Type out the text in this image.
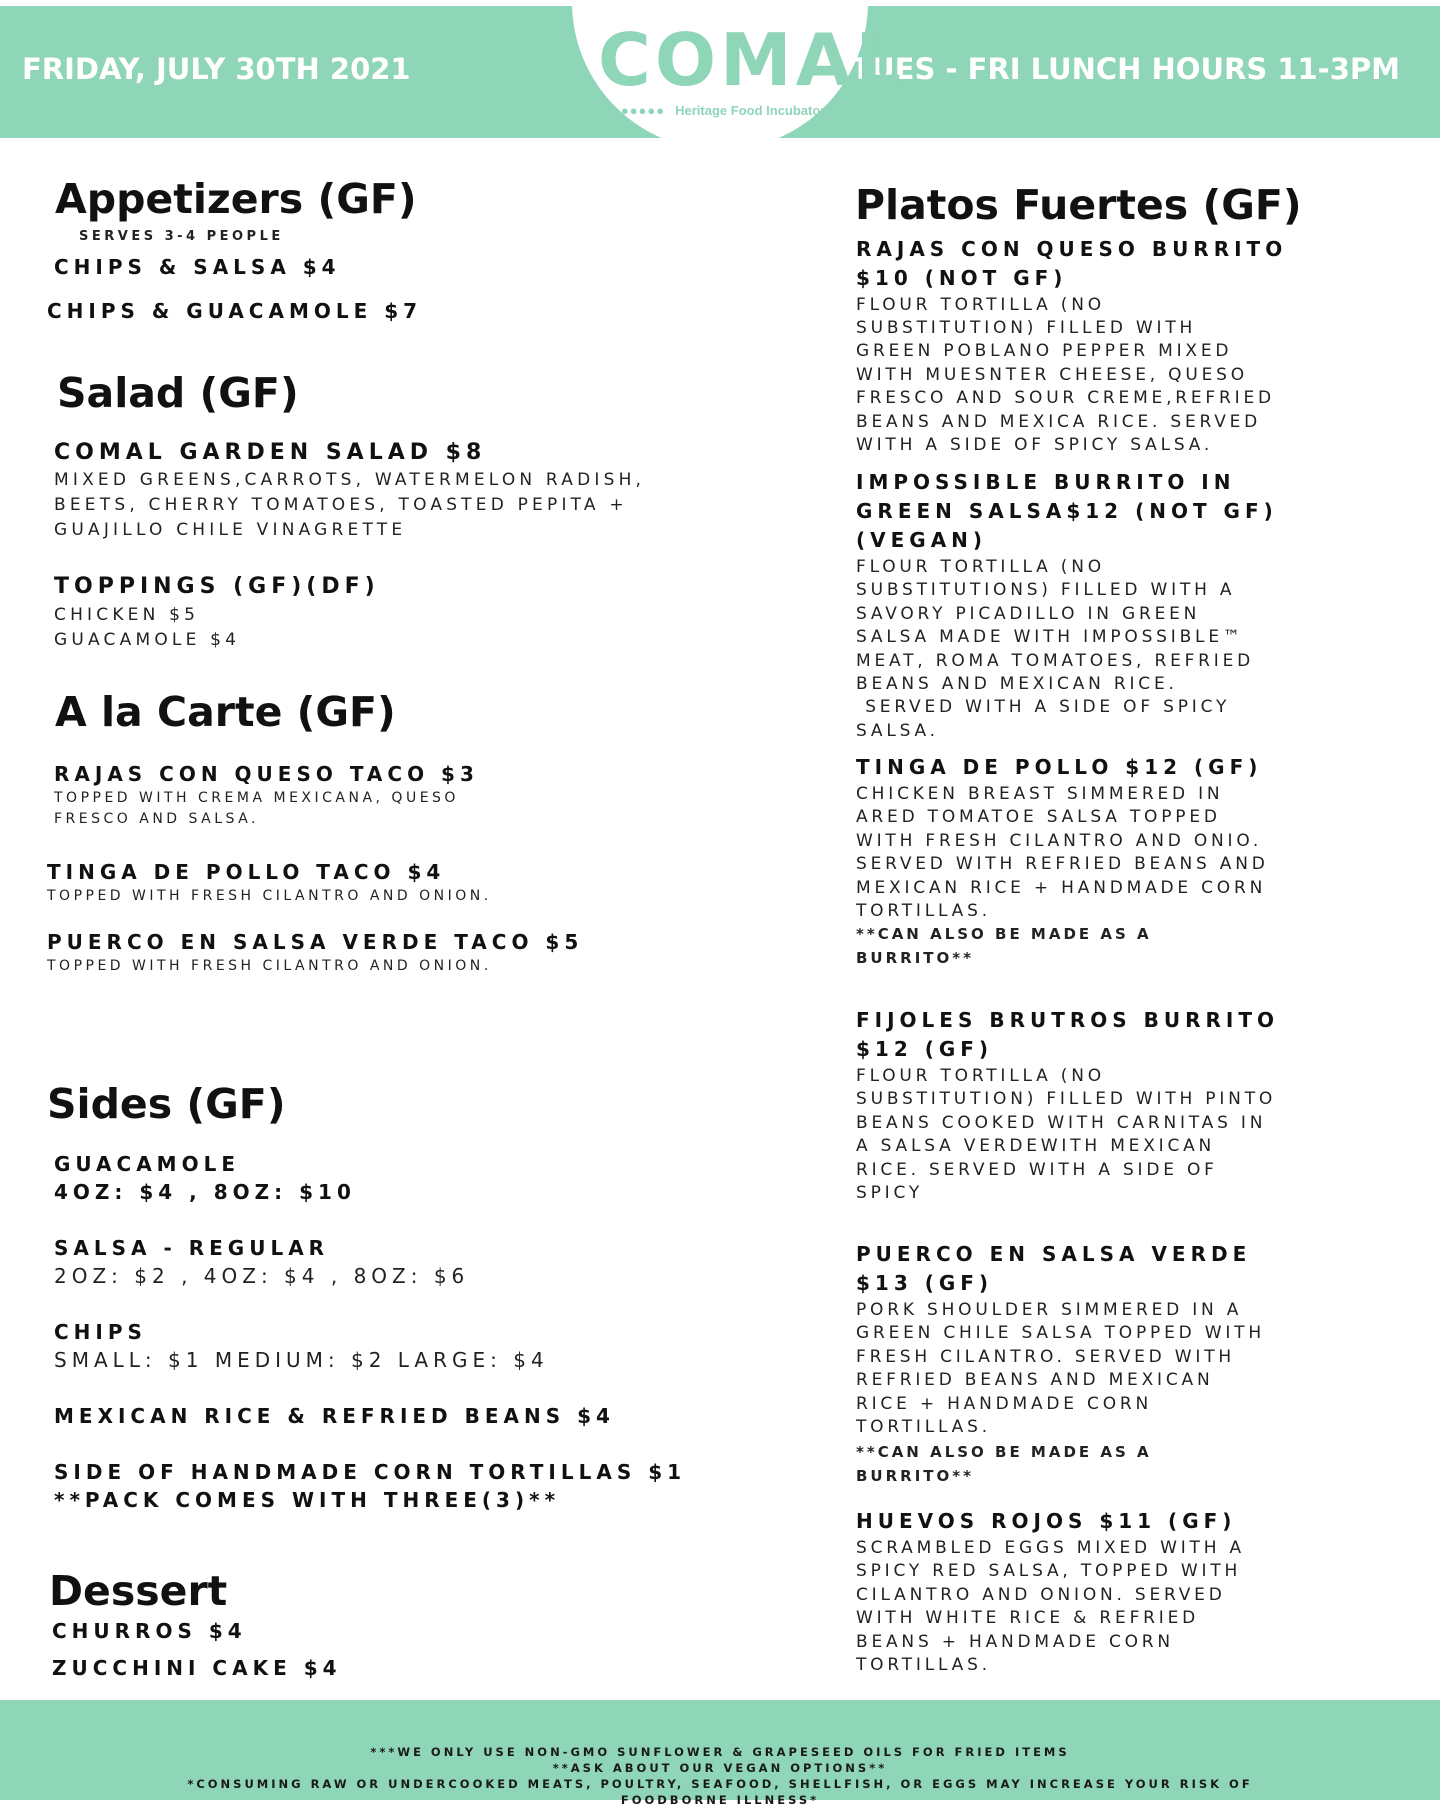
FRIDAY, JULY 30TH 2021	TUES - FRI LUNCH HOURS 11-3PM
COMAL
●●●●●● Heritage Food Incubator
Appetizers (GF)
SERVES 3-4 PEOPLE
CHIPS & SALSA $4
CHIPS & GUACAMOLE $7
Salad (GF)
COMAL GARDEN SALAD $8
MIXED GREENS,CARROTS, WATERMELON RADISH,
BEETS, CHERRY TOMATOES, TOASTED PEPITA +
GUAJILLO CHILE VINAGRETTE
TOPPINGS (GF)(DF)
CHICKEN $5
GUACAMOLE $4
A la Carte (GF)
RAJAS CON QUESO TACO $3
TOPPED WITH CREMA MEXICANA, QUESO
FRESCO AND SALSA.
TINGA DE POLLO TACO $4
TOPPED WITH FRESH CILANTRO AND ONION.
PUERCO EN SALSA VERDE TACO $5
TOPPED WITH FRESH CILANTRO AND ONION.
Sides (GF)
GUACAMOLE
4OZ: $4 , 8OZ: $10
SALSA - REGULAR
2OZ: $2 , 4OZ: $4 , 8OZ: $6
CHIPS
SMALL: $1 MEDIUM: $2 LARGE: $4
MEXICAN RICE & REFRIED BEANS $4
SIDE OF HANDMADE CORN TORTILLAS $1
**PACK COMES WITH THREE(3)**
Dessert
CHURROS $4
ZUCCHINI CAKE $4
Platos Fuertes (GF)
RAJAS CON QUESO BURRITO
$10 (NOT GF)
FLOUR TORTILLA (NO
SUBSTITUTION) FILLED WITH
GREEN POBLANO PEPPER MIXED
WITH MUESNTER CHEESE, QUESO
FRESCO AND SOUR CREME,REFRIED
BEANS AND MEXICA RICE. SERVED
WITH A SIDE OF SPICY SALSA.
IMPOSSIBLE BURRITO IN
GREEN SALSA$12 (NOT GF)
(VEGAN)
FLOUR TORTILLA (NO
SUBSTITUTIONS) FILLED WITH A
SAVORY PICADILLO IN GREEN
SALSA MADE WITH IMPOSSIBLE™
MEAT, ROMA TOMATOES, REFRIED
BEANS AND MEXICAN RICE.
SERVED WITH A SIDE OF SPICY
SALSA.
TINGA DE POLLO $12 (GF)
CHICKEN BREAST SIMMERED IN
ARED TOMATOE SALSA TOPPED
WITH FRESH CILANTRO AND ONIO.
SERVED WITH REFRIED BEANS AND
MEXICAN RICE + HANDMADE CORN
TORTILLAS.
**CAN ALSO BE MADE AS A
BURRITO**
FIJOLES BRUTROS BURRITO
$12 (GF)
FLOUR TORTILLA (NO
SUBSTITUTION) FILLED WITH PINTO
BEANS COOKED WITH CARNITAS IN
A SALSA VERDEWITH MEXICAN
RICE. SERVED WITH A SIDE OF
SPICY
PUERCO EN SALSA VERDE
$13 (GF)
PORK SHOULDER SIMMERED IN A
GREEN CHILE SALSA TOPPED WITH
FRESH CILANTRO. SERVED WITH
REFRIED BEANS AND MEXICAN
RICE + HANDMADE CORN
TORTILLAS.
**CAN ALSO BE MADE AS A
BURRITO**
HUEVOS ROJOS $11 (GF)
SCRAMBLED EGGS MIXED WITH A
SPICY RED SALSA, TOPPED WITH
CILANTRO AND ONION. SERVED
WITH WHITE RICE & REFRIED
BEANS + HANDMADE CORN
TORTILLAS.
***WE ONLY USE NON-GMO SUNFLOWER & GRAPESEED OILS FOR FRIED ITEMS
**ASK ABOUT OUR VEGAN OPTIONS**
*CONSUMING RAW OR UNDERCOOKED MEATS, POULTRY, SEAFOOD, SHELLFISH, OR EGGS MAY INCREASE YOUR RISK OF
FOODBORNE ILLNESS*
